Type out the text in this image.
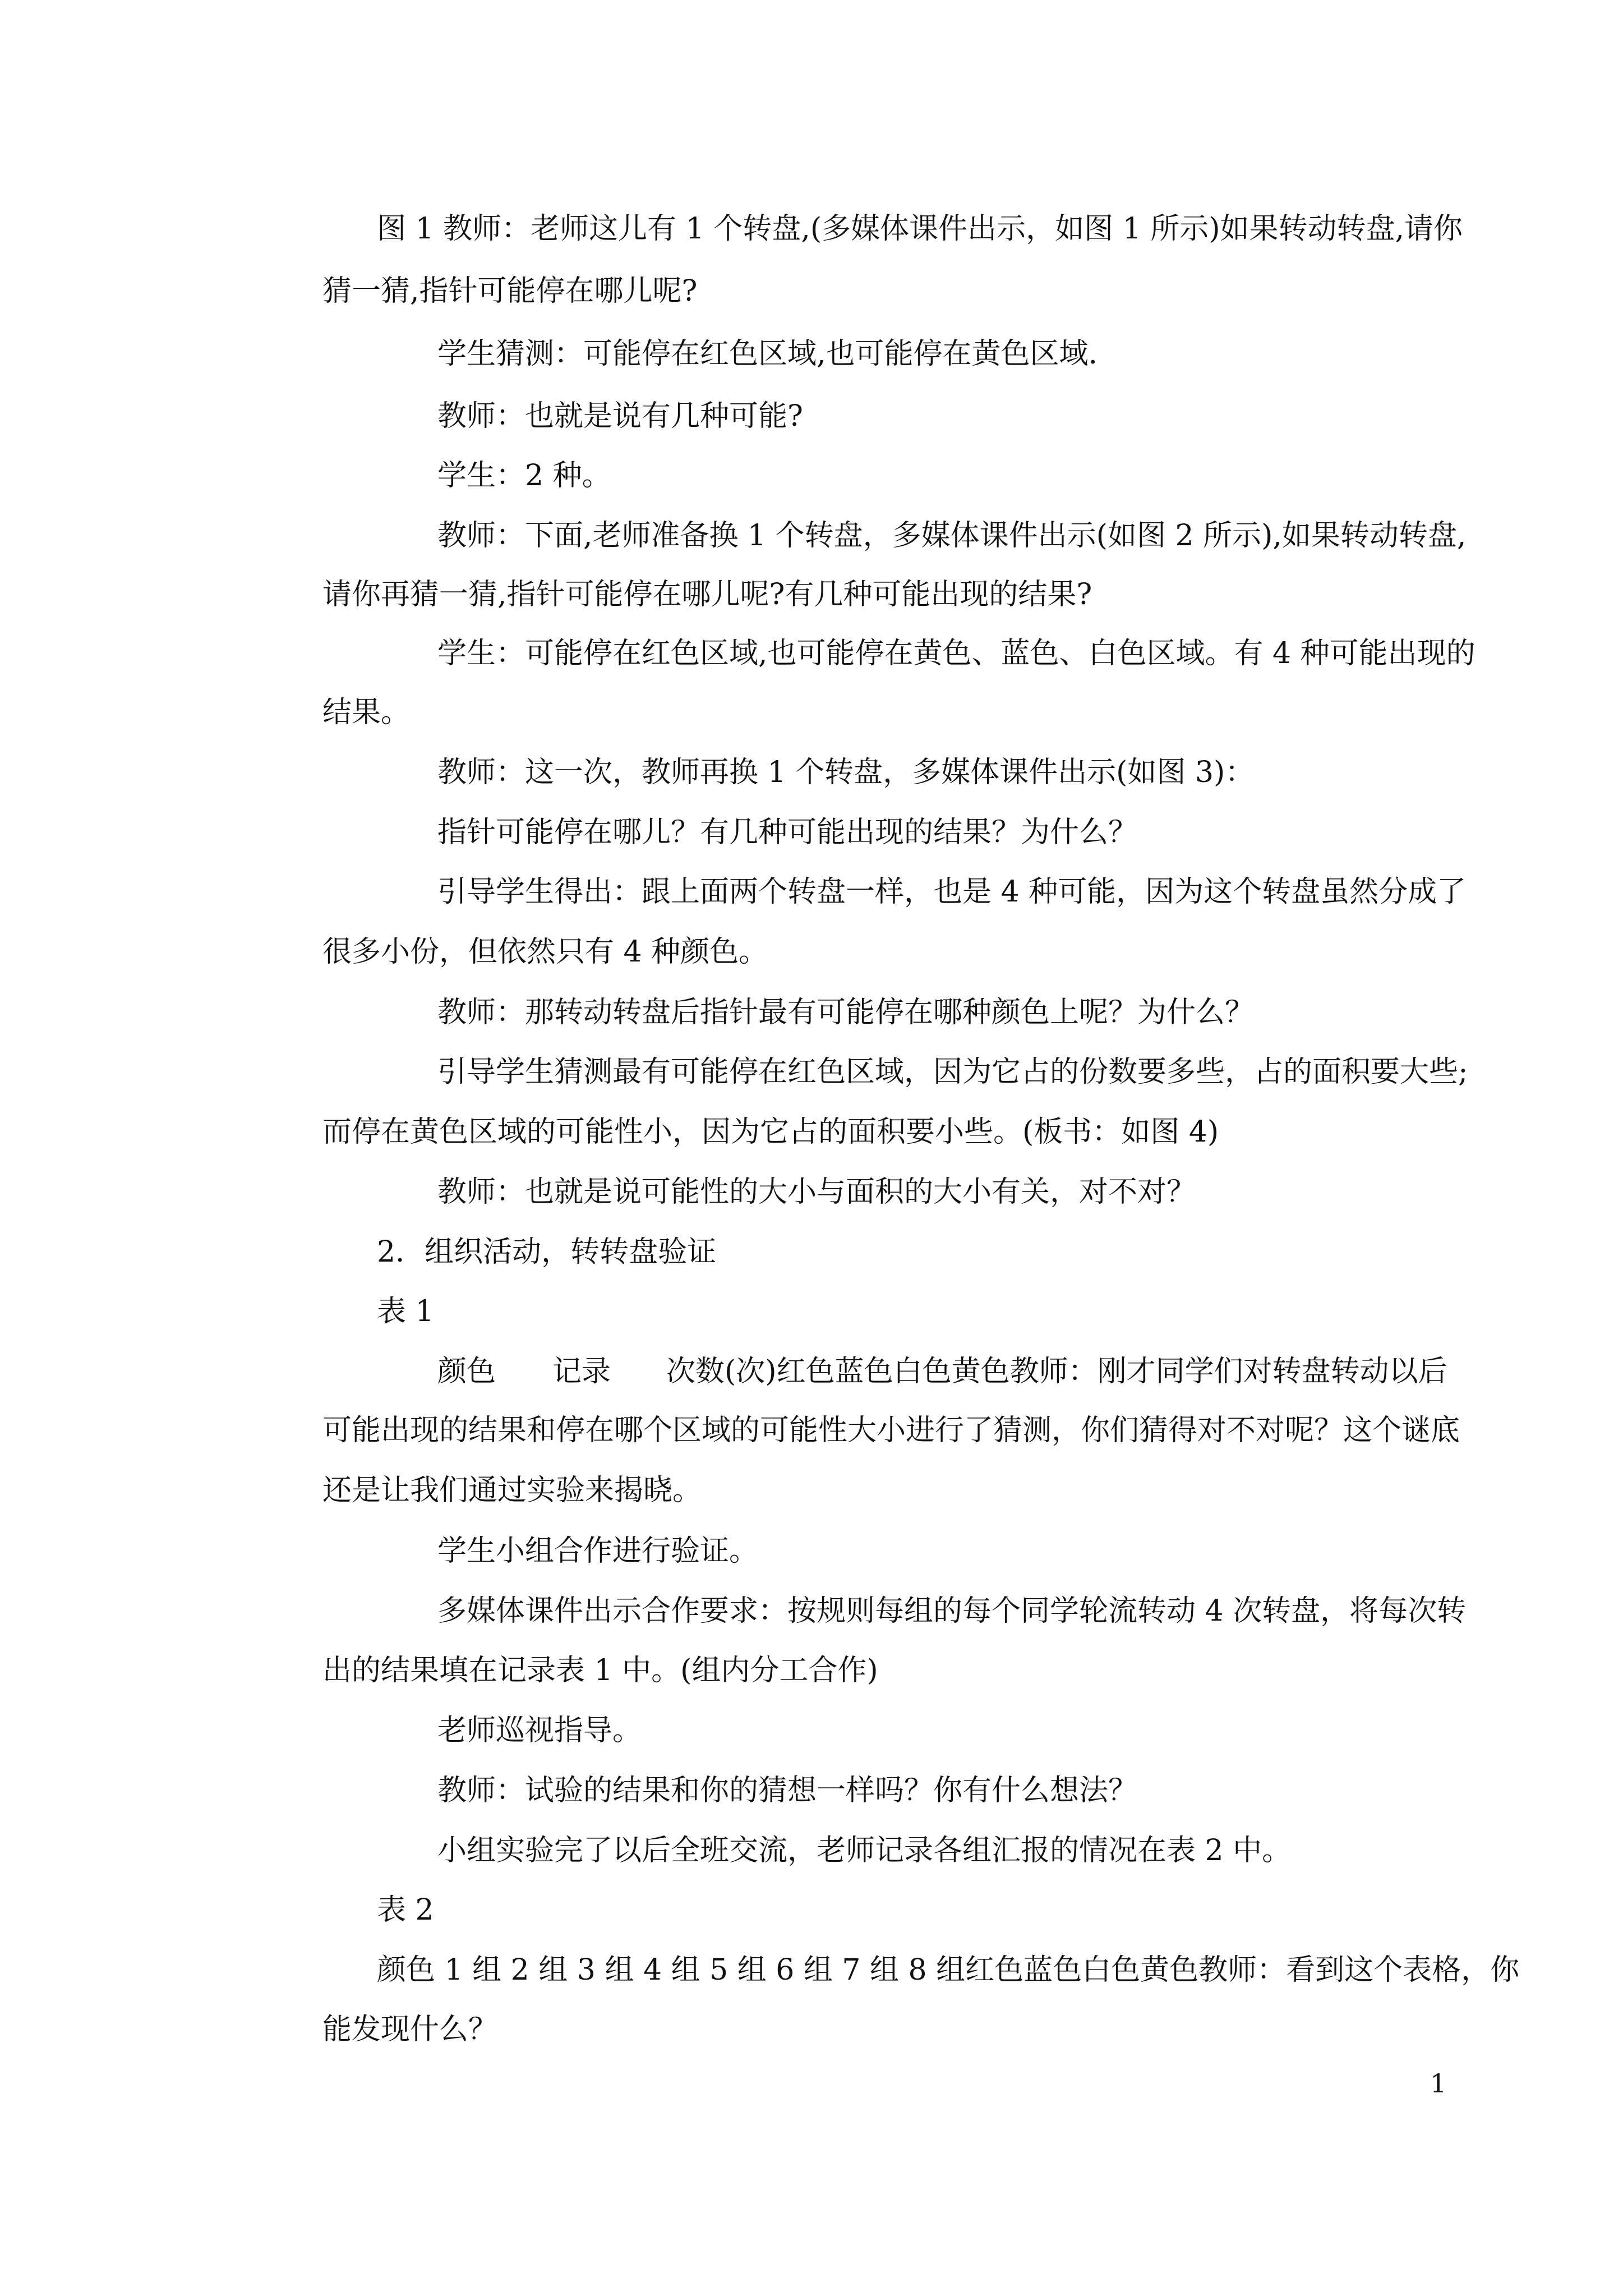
图 1 教师：老师这儿有 1 个转盘,(多媒体课件出示，如图 1 所示)如果转动转盘,请你
猜一猜,指针可能停在哪儿呢?
学生猜测：可能停在红色区域,也可能停在黄色区域.
教师：也就是说有几种可能?
学生：2 种。
教师：下面,老师准备换 1 个转盘，多媒体课件出示(如图 2 所示),如果转动转盘,
请你再猜一猜,指针可能停在哪儿呢?有几种可能出现的结果?
学生：可能停在红色区域,也可能停在黄色、蓝色、白色区域。有 4 种可能出现的
结果。
教师：这一次，教师再换 1 个转盘，多媒体课件出示(如图 3)：
指针可能停在哪儿？有几种可能出现的结果？为什么？
引导学生得出：跟上面两个转盘一样，也是 4 种可能，因为这个转盘虽然分成了
很多小份，但依然只有 4 种颜色。
教师：那转动转盘后指针最有可能停在哪种颜色上呢？为什么？
引导学生猜测最有可能停在红色区域，因为它占的份数要多些，占的面积要大些;
而停在黄色区域的可能性小，因为它占的面积要小些。(板书：如图 4)
教师：也就是说可能性的大小与面积的大小有关，对不对？
2．组织活动，转转盘验证
表 1
颜色 记录 次数(次)红色蓝色白色黄色教师：刚才同学们对转盘转动以后
可能出现的结果和停在哪个区域的可能性大小进行了猜测，你们猜得对不对呢？这个谜底
还是让我们通过实验来揭晓。
学生小组合作进行验证。
多媒体课件出示合作要求：按规则每组的每个同学轮流转动 4 次转盘，将每次转
出的结果填在记录表 1 中。(组内分工合作)
老师巡视指导。
教师：试验的结果和你的猜想一样吗？你有什么想法？
小组实验完了以后全班交流，老师记录各组汇报的情况在表 2 中。
表 2
颜色 1 组 2 组 3 组 4 组 5 组 6 组 7 组 8 组红色蓝色白色黄色教师：看到这个表格，你
能发现什么？
1
